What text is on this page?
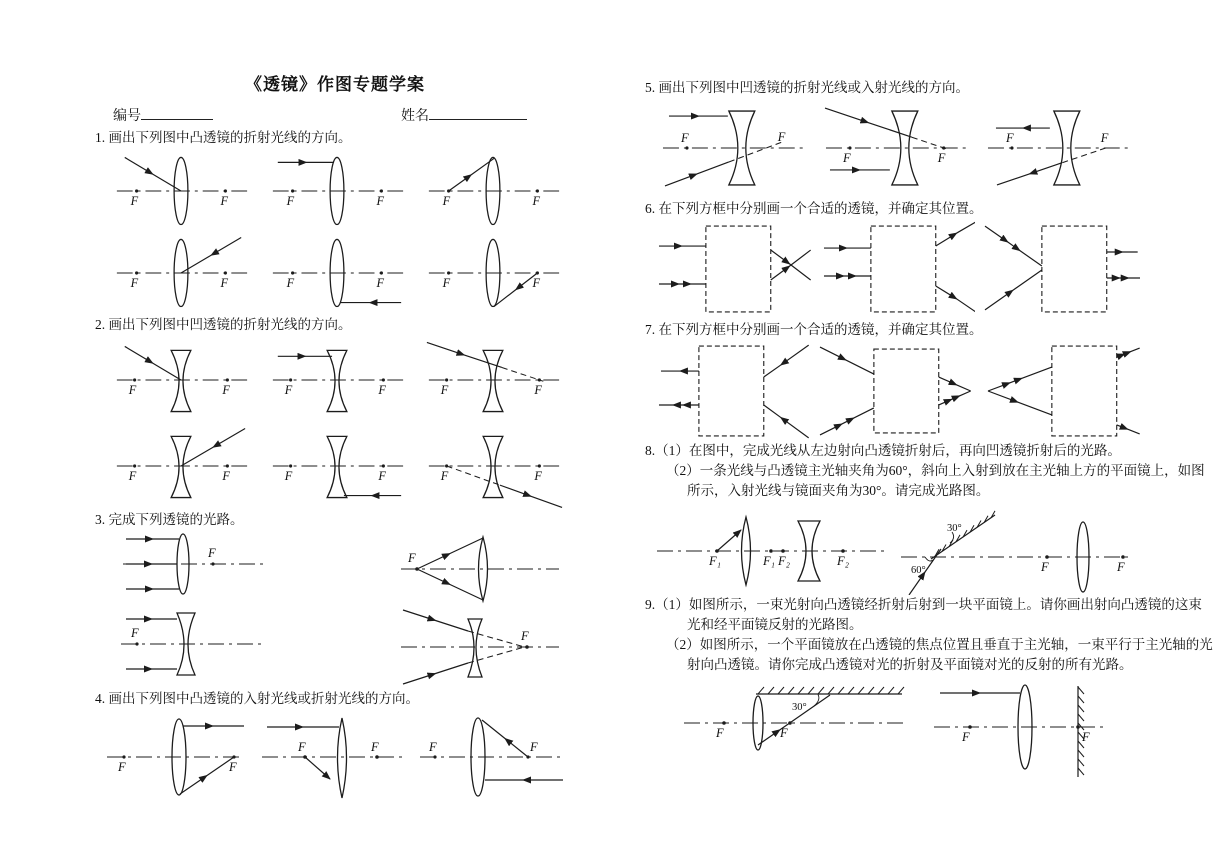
《透镜》作图专题学案
编号	姓名
1. 画出下列图中凸透镜的折射光线的方向。
F	F	F	F	F	F
F	F	F	F	F	F
2. 画出下列图中凹透镜的折射光线的方向。
F	F	F	F	F	F
F	F	F	F	F	F
3. 完成下列透镜的光路。
F	F
F	F
4. 画出下列图中凸透镜的入射光线或折射光线的方向。
F	F
F	F	F	F
5. 画出下列图中凹透镜的折射光线或入射光线的方向。
F	F
F	F
F	F
6. 在下列方框中分别画一个合适的透镜，并确定其位置。
7. 在下列方框中分别画一个合适的透镜，并确定其位置。
8.（1）在图中，完成光线从左边射向凸透镜折射后，再向凹透镜折射后的光路。
（2）一条光线与凸透镜主光轴夹角为60°，斜向上入射到放在主光轴上方的平面镜上，如图
所示，入射光线与镜面夹角为30°。请完成光路图。
F₁	F₁ F₂	F₂
60°
30°
F	F
9.（1）如图所示，一束光射向凸透镜经折射后射到一块平面镜上。请你画出射向凸透镜的这束
光和经平面镜反射的光路图。
（2）如图所示，一个平面镜放在凸透镜的焦点位置且垂直于主光轴，一束平行于主光轴的光
射向凸透镜。请你完成凸透镜对光的折射及平面镜对光的反射的所有光路。
30°
F	F	F	F
